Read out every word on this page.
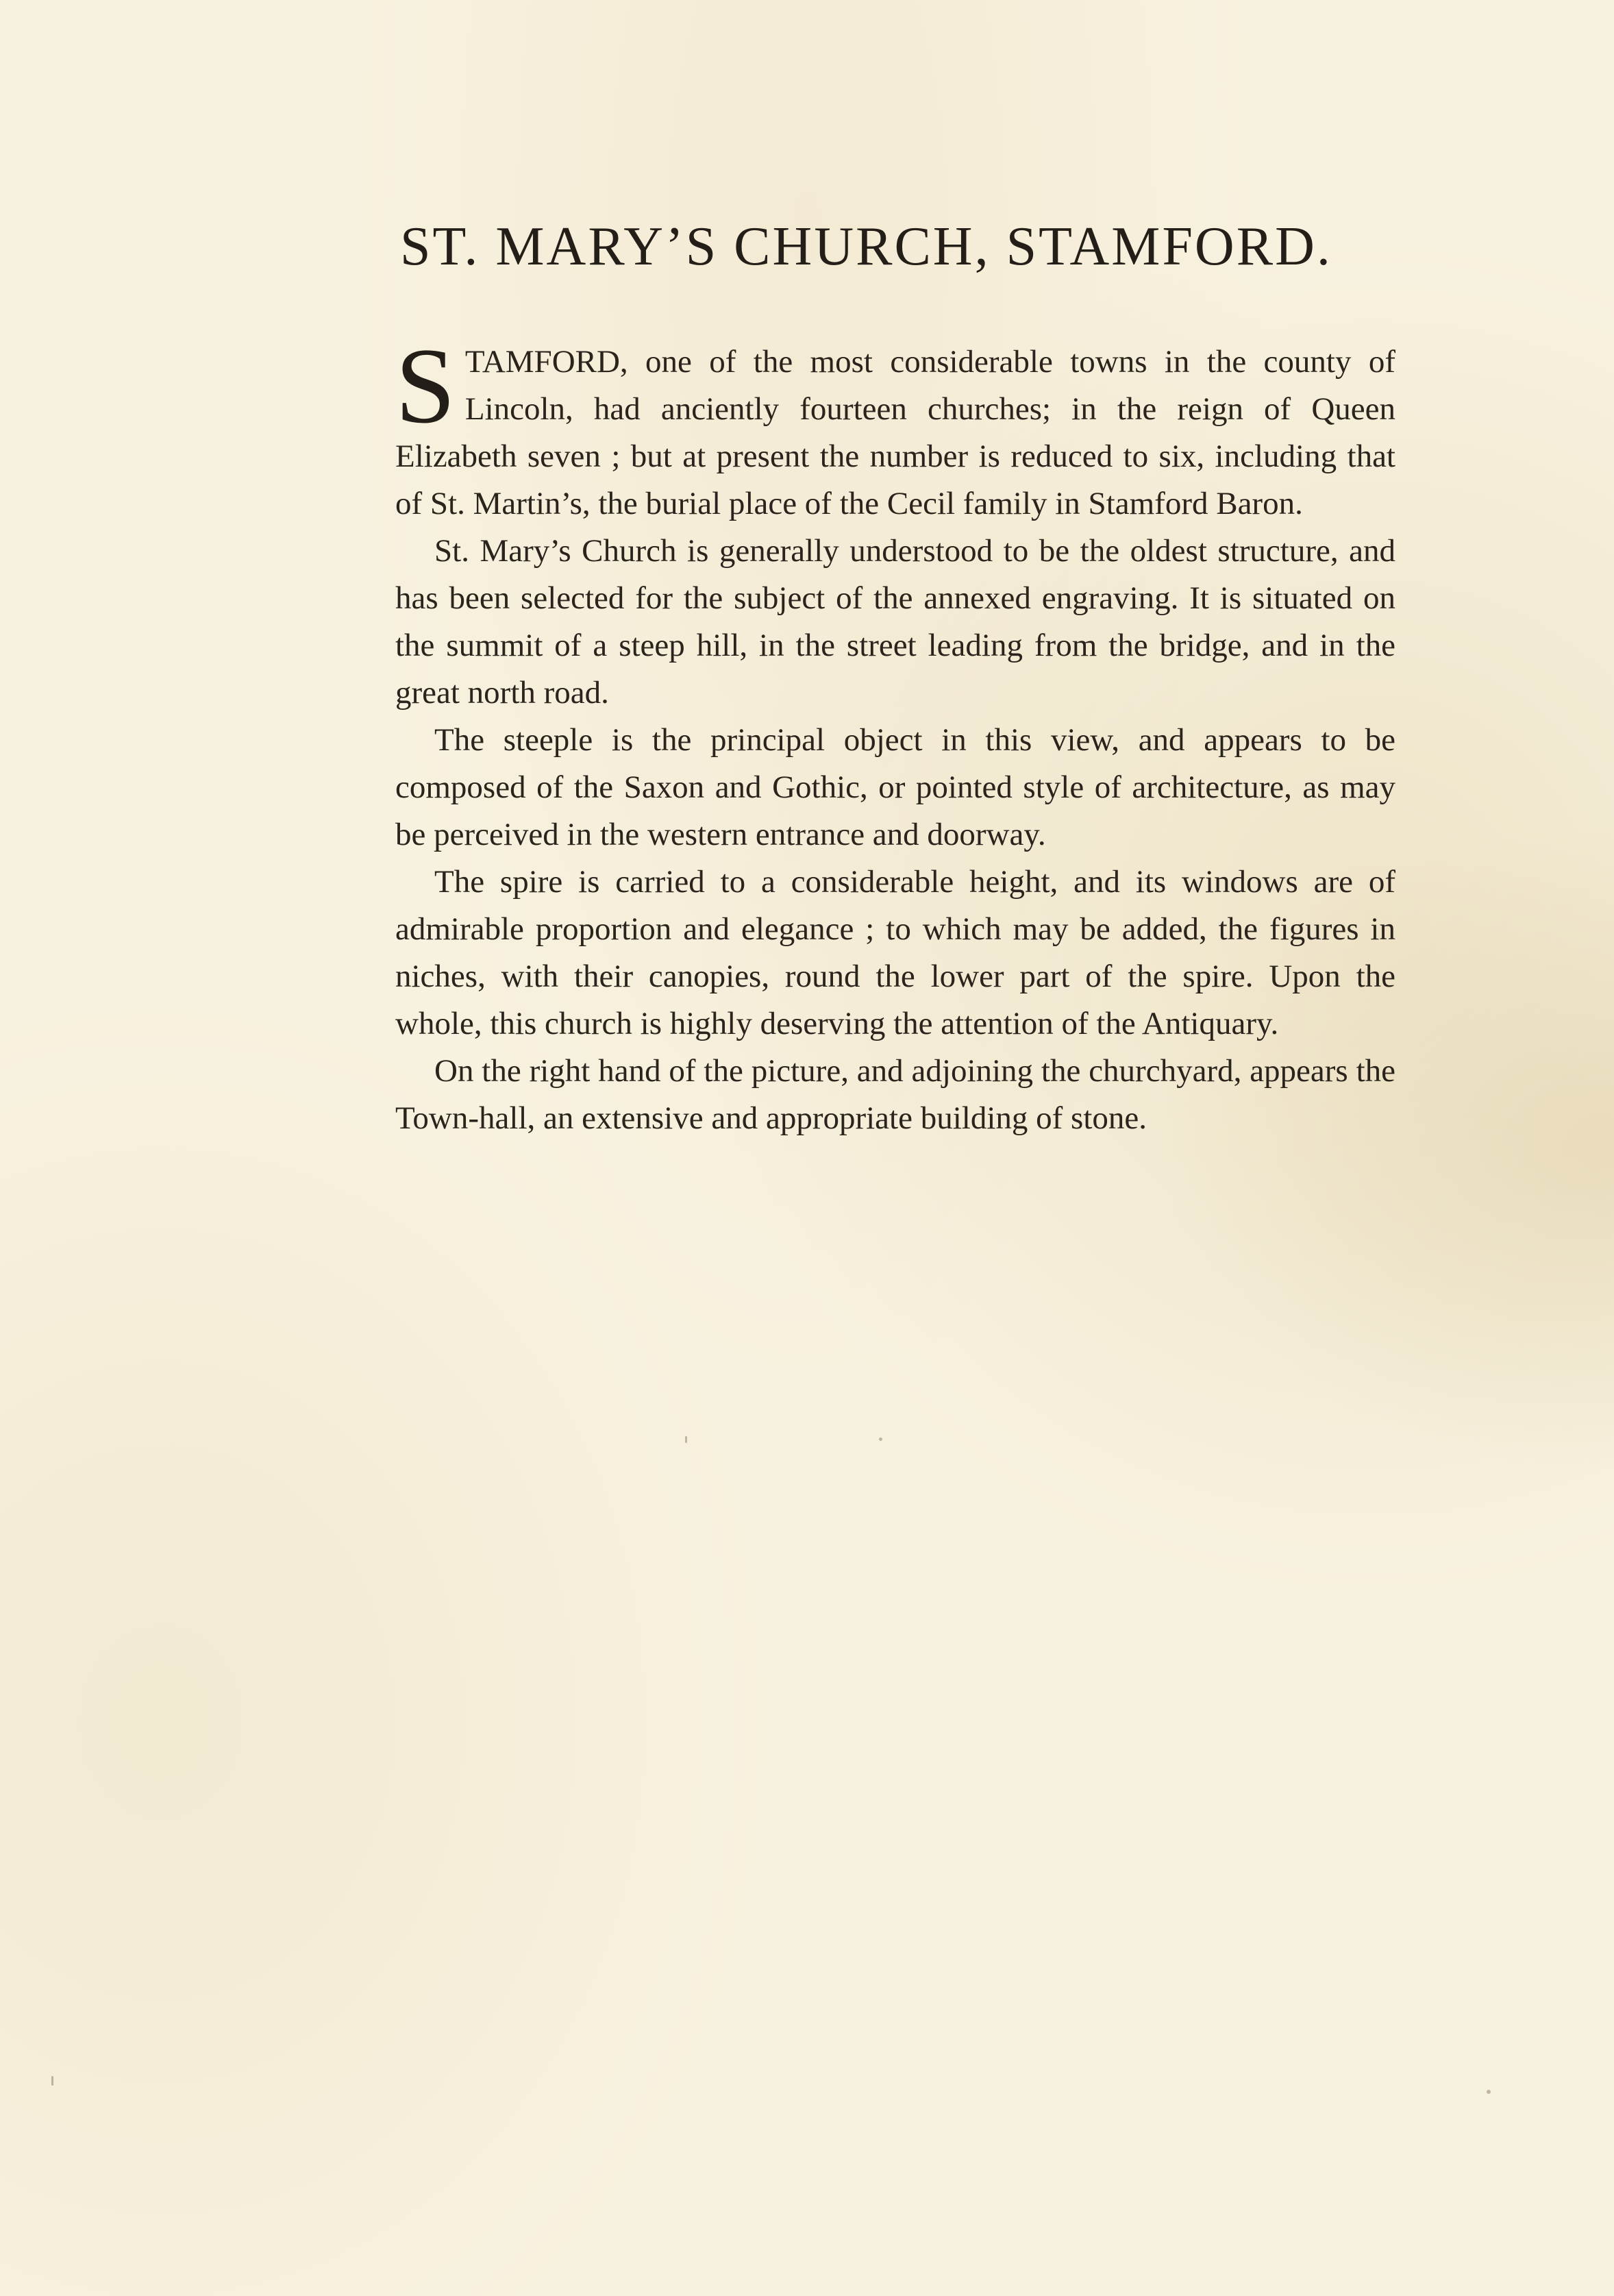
ST. MARY’S CHURCH, STAMFORD.

STAMFORD, one of the most considerable towns in the county of Lincoln, had anciently fourteen churches; in the reign of Queen Elizabeth seven ; but at present the number is reduced to six, including that of St. Martin’s, the burial place of the Cecil family in Stamford Baron.

St. Mary’s Church is generally understood to be the oldest structure, and has been selected for the subject of the annexed engraving. It is situated on the summit of a steep hill, in the street leading from the bridge, and in the great north road.

The steeple is the principal object in this view, and appears to be composed of the Saxon and Gothic, or pointed style of architecture, as may be perceived in the western entrance and doorway.

The spire is carried to a considerable height, and its windows are of admirable proportion and elegance ; to which may be added, the figures in niches, with their canopies, round the lower part of the spire. Upon the whole, this church is highly deserving the attention of the Antiquary.

On the right hand of the picture, and adjoining the churchyard, appears the Town-hall, an extensive and appropriate building of stone.
